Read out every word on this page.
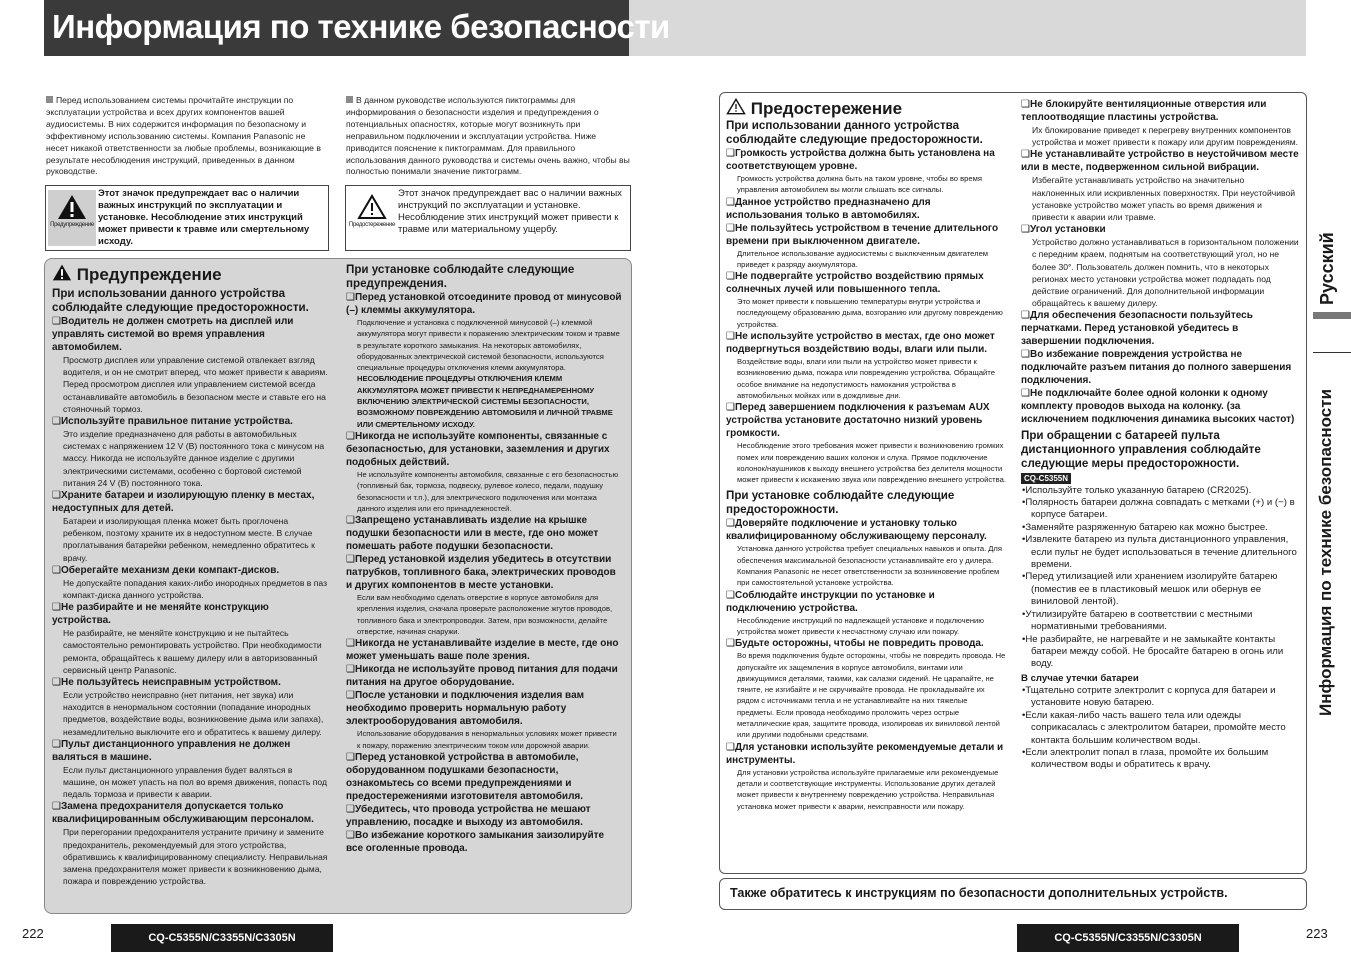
Информация по технике безопасности
Перед использованием системы прочитайте инструкции по эксплуатации устройства и всех других компонентов вашей аудиосистемы. В них содержится информация по безопасному и эффективному использованию системы. Компания Panasonic не несет никакой ответственности за любые проблемы, возникающие в результате несоблюдения инструкций, приведенных в данном руководстве.
В данном руководстве используются пиктограммы для информирования о безопасности изделия и предупреждения о потенциальных опасностях, которые могут возникнуть при неправильном подключении и эксплуатации устройства. Ниже приводится пояснение к пиктограммам. Для правильного использования данного руководства и системы очень важно, чтобы вы полностью понимали значение пиктограмм.
Предупреждение
Этот значок предупреждает вас о наличии важных инструкций по эксплуатации и установке. Несоблюдение этих инструкций может привести к травме или смертельному исходу.
Предостережение
Этот значок предупреждает вас о наличии важных инструкций по эксплуатации и установке. Несоблюдение этих инструкций может привести к травме или материальному ущербу.
Предупреждение
При использовании данного устройства соблюдайте следующие предосторожности.
❑Водитель не должен смотреть на дисплей или управлять системой во время управления автомобилем.
Просмотр дисплея или управление системой отвлекает взгляд водителя, и он не смотрит вперед, что может привести к авариям. Перед просмотром дисплея или управлением системой всегда останавливайте автомобиль в безопасном месте и ставьте его на стояночный тормоз.
❑Используйте правильное питание устройства.
Это изделие предназначено для работы в автомобильных системах с напряжением 12 V (В) постоянного тока с минусом на массу. Никогда не используйте данное изделие с другими электрическими системами, особенно с бортовой системой питания 24 V (В) постоянного тока.
❑Храните батареи и изолирующую пленку в местах, недоступных для детей.
Батареи и изолирующая пленка может быть проглочена ребенком, поэтому храните их в недоступном месте. В случае проглатывания батарейки ребенком, немедленно обратитесь к врачу.
❑Оберегайте механизм деки компакт-дисков.
Не допускайте попадания каких-либо инородных предметов в паз компакт-диска данного устройства.
❑Не разбирайте и не меняйте конструкцию устройства.
Не разбирайте, не меняйте конструкцию и не пытайтесь самостоятельно ремонтировать устройство. При необходимости ремонта, обращайтесь к вашему дилеру или в авторизованный сервисный центр Panasonic.
❑Не пользуйтесь неисправным устройством.
Если устройство неисправно (нет питания, нет звука) или находится в ненормальном состоянии (попадание инородных предметов, воздействие воды, возникновение дыма или запаха), незамедлительно выключите его и обратитесь к вашему дилеру.
❑Пульт дистанционного управления не должен валяться в машине.
Если пульт дистанционного управления будет валяться в машине, он может упасть на пол во время движения, попасть под педаль тормоза и привести к аварии.
❑Замена предохранителя допускается только квалифицированным обслуживающим персоналом.
При перегорании предохранителя устраните причину и замените предохранитель, рекомендуемый для этого устройства, обратившись к квалифицированному специалисту. Неправильная замена предохранителя может привести к возникновению дыма, пожара и повреждению устройства.
При установке соблюдайте следующие предупреждения.
❑Перед установкой отсоедините провод от минусовой (–) клеммы аккумулятора.
Подключение и установка с подключенной минусовой (–) клеммой аккумулятора могут привести к поражению электрическим током и травме в результате короткого замыкания. На некоторых автомобилях, оборудованных электрической системой безопасности, используются специальные процедуры отключения клемм аккумулятора.
НЕСОБЛЮДЕНИЕ ПРОЦЕДУРЫ ОТКЛЮЧЕНИЯ КЛЕММ АККУМУЛЯТОРА МОЖЕТ ПРИВЕСТИ К НЕПРЕДНАМЕРЕННОМУ ВКЛЮЧЕНИЮ ЭЛЕКТРИЧЕСКОЙ СИСТЕМЫ БЕЗОПАСНОСТИ, ВОЗМОЖНОМУ ПОВРЕЖДЕНИЮ АВТОМОБИЛЯ И ЛИЧНОЙ ТРАВМЕ ИЛИ СМЕРТЕЛЬНОМУ ИСХОДУ.
❑Никогда не используйте компоненты, связанные с безопасностью, для установки, заземления и других подобных действий.
Не используйте компоненты автомобиля, связанные с его безопасностью (топливный бак, тормоза, подвеску, рулевое колесо, педали, подушку безопасности и т.п.), для электрического подключения или монтажа данного изделия или его принадлежностей.
❑Запрещено устанавливать изделие на крышке подушки безопасности или в месте, где оно может помешать работе подушки безопасности.
❑Перед установкой изделия убедитесь в отсутствии патрубков, топливного бака, электрических проводов и других компонентов в месте установки.
Если вам необходимо сделать отверстие в корпусе автомобиля для крепления изделия, сначала проверьте расположение жгутов проводов, топливного бака и электропроводки. Затем, при возможности, делайте отверстие, начиная снаружи.
❑Никогда не устанавливайте изделие в месте, где оно может уменьшать ваше поле зрения.
❑Никогда не используйте провод питания для подачи питания на другое оборудование.
❑После установки и подключения изделия вам необходимо проверить нормальную работу электрооборудования автомобиля.
Использование оборудования в ненормальных условиях может привести к пожару, поражению электрическим током или дорожной аварии.
❑Перед установкой устройства в автомобиле, оборудованном подушками безопасности, ознакомьтесь со всеми предупреждениями и предостережениями изготовителя автомобиля.
❑Убедитесь, что провода устройства не мешают управлению, посадке и выходу из автомобиля.
❑Во избежание короткого замыкания заизолируйте все оголенные провода.
Предостережение
При использовании данного устройства соблюдайте следующие предосторожности.
❑Громкость устройства должна быть установлена на соответствующем уровне.
Громкость устройства должна быть на таком уровне, чтобы во время управления автомобилем вы могли слышать все сигналы.
❑Данное устройство предназначено для использования только в автомобилях.
❑Не пользуйтесь устройством в течение длительного времени при выключенном двигателе.
Длительное использование аудиосистемы с выключенным двигателем приведет к разряду аккумулятора.
❑Не подвергайте устройство воздействию прямых солнечных лучей или повышенного тепла.
Это может привести к повышению температуры внутри устройства и последующему образованию дыма, возгоранию или другому повреждению устройства.
❑Не используйте устройство в местах, где оно может подвергнуться воздействию воды, влаги или пыли.
Воздействие воды, влаги или пыли на устройство может привести к возникновению дыма, пожара или повреждению устройства. Обращайте особое внимание на недопустимость намокания устройства в автомобильных мойках или в дождливые дни.
❑Перед завершением подключения к разъемам AUX устройства установите достаточно низкий уровень громкости.
Несоблюдение этого требования может привести к возникновению громких помех или повреждению ваших колонок и слуха. Прямое подключение колонок/наушников к выходу внешнего устройства без делителя мощности может привести к искажению звука или повреждению внешнего устройства.
При установке соблюдайте следующие предосторожности.
❑Доверяйте подключение и установку только квалифицированному обслуживающему персоналу.
Установка данного устройства требует специальных навыков и опыта. Для обеспечения максимальной безопасности устанавливайте его у дилера. Компания Panasonic не несет ответственности за возникновение проблем при самостоятельной установке устройства.
❑Соблюдайте инструкции по установке и подключению устройства.
Несоблюдение инструкций по надлежащей установке и подключению устройства может привести к несчастному случаю или пожару.
❑Будьте осторожны, чтобы не повредить провода.
Во время подключения будьте осторожны, чтобы не повредить провода. Не допускайте их защемления в корпусе автомобиля, винтами или движущимися деталями, такими, как салазки сидений. Не царапайте, не тяните, не изгибайте и не скручивайте провода. Не прокладывайте их рядом с источниками тепла и не устанавливайте на них тяжелые предметы. Если провода необходимо проложить через острые металлические края, защитите провода, изолировав их виниловой лентой или другими подобными средствами.
❑Для установки используйте рекомендуемые детали и инструменты.
Для установки устройства используйте прилагаемые или рекомендуемые детали и соответствующие инструменты. Использование других деталей может привести к внутреннему повреждению устройства. Неправильная установка может привести к аварии, неисправности или пожару.
❑Не блокируйте вентиляционные отверстия или теплоотводящие пластины устройства.
Их блокирование приведет к перегреву внутренних компонентов устройства и может привести к пожару или другим повреждениям.
❑Не устанавливайте устройство в неустойчивом месте или в месте, подверженном сильной вибрации.
Избегайте устанавливать устройство на значительно наклоненных или искривленных поверхностях. При неустойчивой установке устройство может упасть во время движения и привести к аварии или травме.
❑Угол установки
Устройство должно устанавливаться в горизонтальном положении с передним краем, поднятым на соответствующий угол, но не более 30°. Пользователь должен помнить, что в некоторых регионах место установки устройства может подпадать под действие ограничений. Для дополнительной информации обращайтесь к вашему дилеру.
❑Для обеспечения безопасности пользуйтесь перчатками. Перед установкой убедитесь в завершении подключения.
❑Во избежание повреждения устройства не подключайте разъем питания до полного завершения подключения.
❑Не подключайте более одной колонки к одному комплекту проводов выхода на колонку. (за исключением подключения динамика высоких частот)
При обращении с батареей пульта дистанционного управления соблюдайте следующие меры предосторожности.
CQ-C5355N
•Используйте только указанную батарею (CR2025).
•Полярность батареи должна совпадать с метками (+) и (−) в корпусе батареи.
•Заменяйте разряженную батарею как можно быстрее.
•Извлеките батарею из пульта дистанционного управления, если пульт не будет использоваться в течение длительного времени.
•Перед утилизацией или хранением изолируйте батарею (поместив ее в пластиковый мешок или обернув ее виниловой лентой).
•Утилизируйте батарею в соответствии с местными нормативными требованиями.
•Не разбирайте, не нагревайте и не замыкайте контакты батареи между собой. Не бросайте батарею в огонь или воду.
В случае утечки батареи
•Тщательно сотрите электролит с корпуса для батареи и установите новую батарею.
•Если какая-либо часть вашего тела или одежды соприкасалась с электролитом батареи, промойте место контакта большим количеством воды.
•Если электролит попал в глаза, промойте их большим количеством воды и обратитесь к врачу.
Также обратитесь к инструкциям по безопасности дополнительных устройств.
Русский
Информация по технике безопасности
222	CQ-C5355N/C3355N/C3305N	CQ-C5355N/C3355N/C3305N	223
